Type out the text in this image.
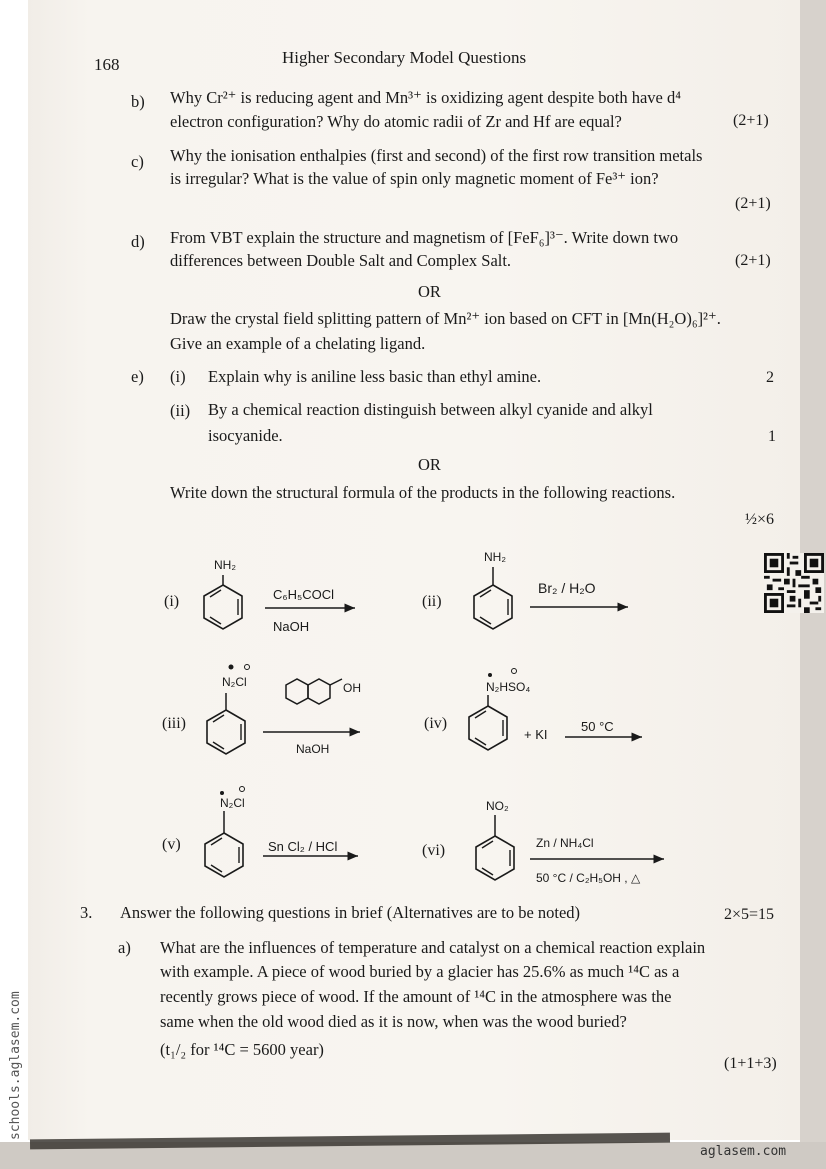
168	Higher Secondary Model Questions
b) Why Cr²⁺ is reducing agent and Mn³⁺ is oxidizing agent despite both have d⁴
electron configuration? Why do atomic radii of Zr and Hf are equal?	(2+1)
c) Why the ionisation enthalpies (first and second) of the first row transition metals
is irregular? What is the value of spin only magnetic moment of Fe³⁺ ion?
(2+1)
d) From VBT explain the structure and magnetism of [FeF₆]³⁻. Write down two
differences between Double Salt and Complex Salt.	(2+1)
OR
Draw the crystal field splitting pattern of Mn²⁺ ion based on CFT in [Mn(H₂O)₆]²⁺.
Give an example of a chelating ligand.
e) (i) Explain why is aniline less basic than ethyl amine.	2
(ii) By a chemical reaction distinguish between alkyl cyanide and alkyl
isocyanide.	1
OR
Write down the structural formula of the products in the following reactions.
½×6
(i)
NH₂
C₆H₅COCl
NaOH
(ii)
NH₂
Br₂ / H₂O
(iii)
N₂Cl	OH
NaOH
(iv)
N₂HSO₄
+ KI
50 °C
(v)
N₂Cl
Sn Cl₂ / HCl	(vi)
NO₂
Zn / NH₄Cl
50 °C / C₂H₅OH , △
3. Answer the following questions in brief (Alternatives are to be noted)	2×5=15
a) What are the influences of temperature and catalyst on a chemical reaction explain
with example. A piece of wood buried by a glacier has 25.6% as much ¹⁴C as a
recently grows piece of wood. If the amount of ¹⁴C in the atmosphere was the
same when the old wood died as it is now, when was the wood buried?
(t₁/₂ for ¹⁴C = 5600 year)
(1+1+3)
schools.aglasem.com
aglasem.com
